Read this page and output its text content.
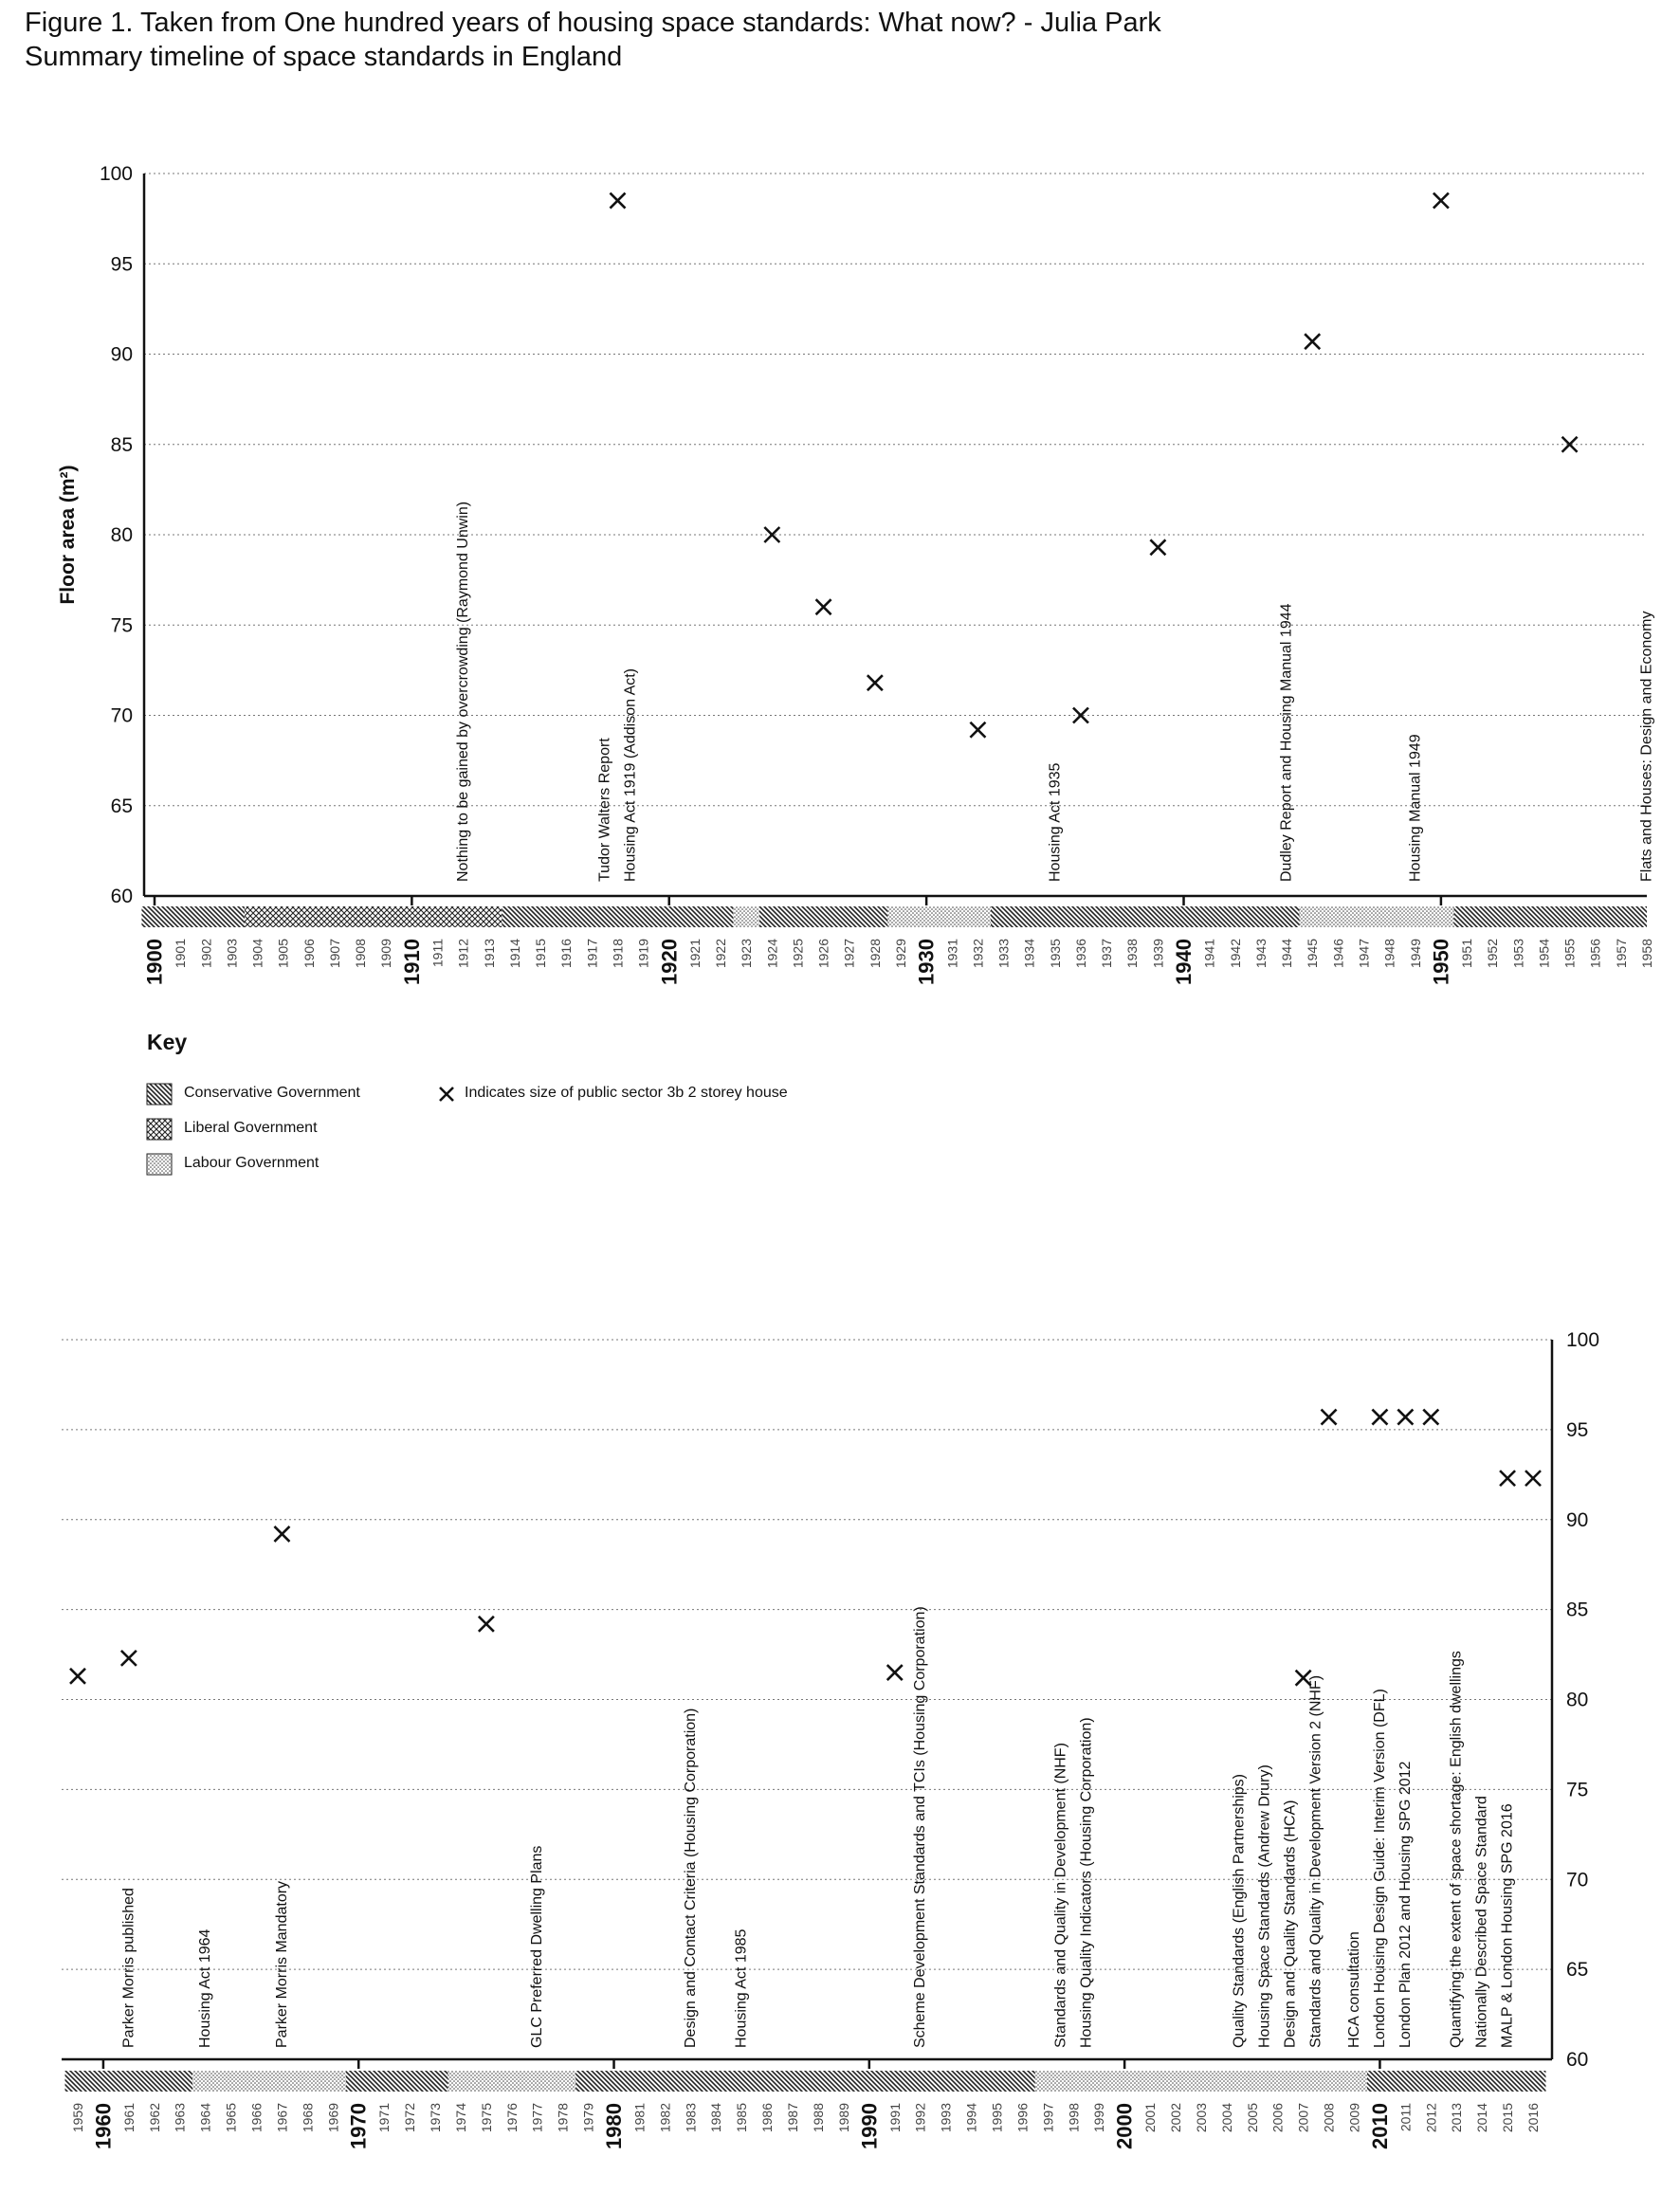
Figure 1. Taken from One hundred years of housing space standards: What now? - Julia Park
Summary timeline of space standards in England
60
65
70
75
80
85
90
95
100
Floor area (m²)
1900 1901 1902 1903 1904 1905 1906 1907 1908 1909 1910 1911 1912 1913 1914 1915 1916 1917 1918 1919 1920 1921 1922 1923 1924 1925 1926 1927 1928 1929 1930 1931 1932 1933 1934 1935 1936 1937 1938 1939 1940 1941 1942 1943 1944 1945 1946 1947 1948 1949 1950 1951 1952 1953 1954 1955 1956 1957 1958
Nothing to be gained by overcrowding (Raymond Unwin)	Tudor Walters Report Housing Act 1919 (Addison Act)	Housing Act 1935	Dudley Report and Housing Manual 1944	Housing Manual 1949	Flats and Houses: Design and Economy
60
65
70
75
80
85
90
95
100
1959 1960 1961 1962 1963 1964 1965 1966 1967 1968 1969 1970 1971 1972 1973 1974 1975 1976 1977 1978 1979 1980 1981 1982 1983 1984 1985 1986 1987 1988 1989 1990 1991 1992 1993 1994 1995 1996 1997 1998 1999 2000 2001 2002 2003 2004 2005 2006 2007 2008 2009 2010 2011 2012 2013 2014 2015 2016
Parker Morris published	Housing Act 1964	Parker Morris Mandatory	GLC Preferred Dwelling Plans	Design and Contact Criteria (Housing Corporation) Housing Act 1985	Scheme Development Standards and TCIs (Housing Corporation)	Standards and Quality in Development (NHF) Housing Quality Indicators (Housing Corporation)	Quality Standards (English Partnerships) Housing Space Standards (Andrew Drury) Design and Quality Standards (HCA) Standards and Quality in Development Version 2 (NHF) HCA consultation London Housing Design Guide: Interim Version (DFL) London Plan 2012 and Housing SPG 2012 Quantifying the extent of space shortage: English dwellings Nationally Described Space Standard MALP & London Housing SPG 2016
Key
Conservative Government
Liberal Government
Labour Government
Indicates size of public sector 3b 2 storey house
